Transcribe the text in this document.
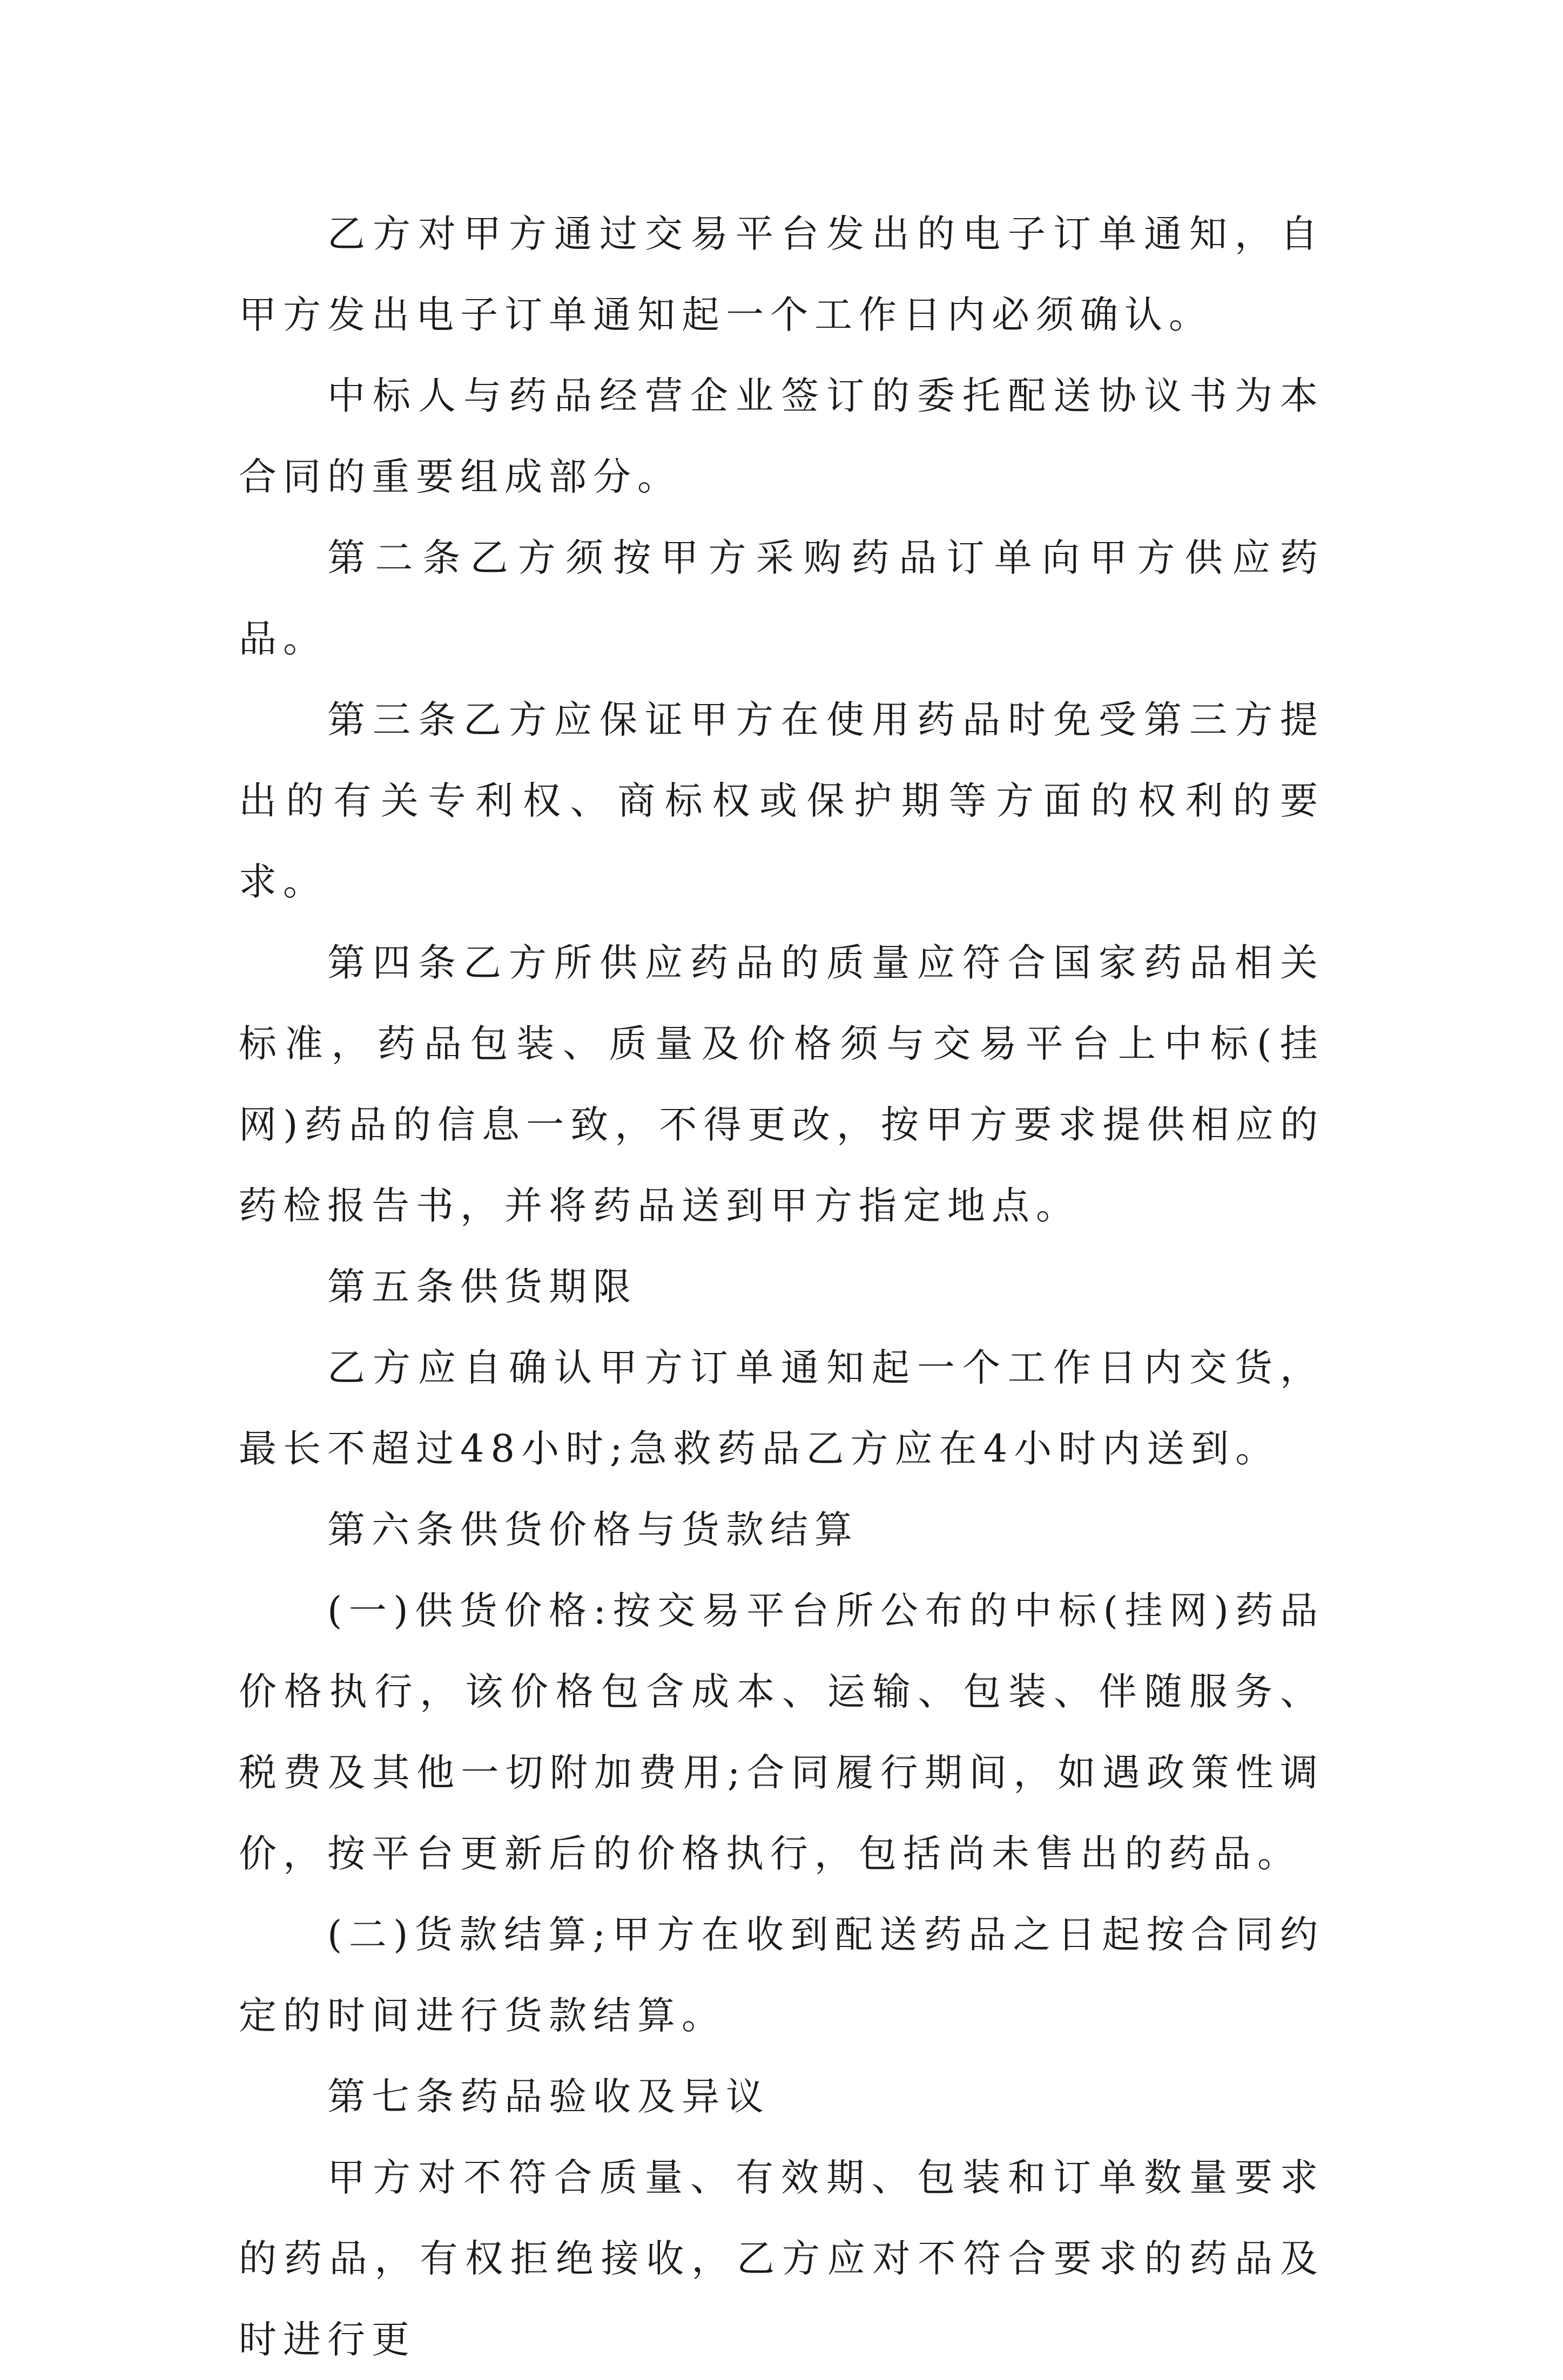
乙方对甲方通过交易平台发出的电子订单通知，自甲方发出电子订单通知起一个工作日内必须确认。

中标人与药品经营企业签订的委托配送协议书为本合同的重要组成部分。

第二条乙方须按甲方采购药品订单向甲方供应药品。

第三条乙方应保证甲方在使用药品时免受第三方提出的有关专利权、商标权或保护期等方面的权利的要求。

第四条乙方所供应药品的质量应符合国家药品相关标准，药品包装、质量及价格须与交易平台上中标(挂网)药品的信息一致，不得更改，按甲方要求提供相应的药检报告书，并将药品送到甲方指定地点。

第五条供货期限

乙方应自确认甲方订单通知起一个工作日内交货，最长不超过48小时;急救药品乙方应在4小时内送到。

第六条供货价格与货款结算

(一)供货价格:按交易平台所公布的中标(挂网)药品价格执行，该价格包含成本、运输、包装、伴随服务、税费及其他一切附加费用;合同履行期间，如遇政策性调价，按平台更新后的价格执行，包括尚未售出的药品。

(二)货款结算;甲方在收到配送药品之日起按合同约定的时间进行货款结算。

第七条药品验收及异议

甲方对不符合质量、有效期、包装和订单数量要求的药品，有权拒绝接收，乙方应对不符合要求的药品及时进行更
